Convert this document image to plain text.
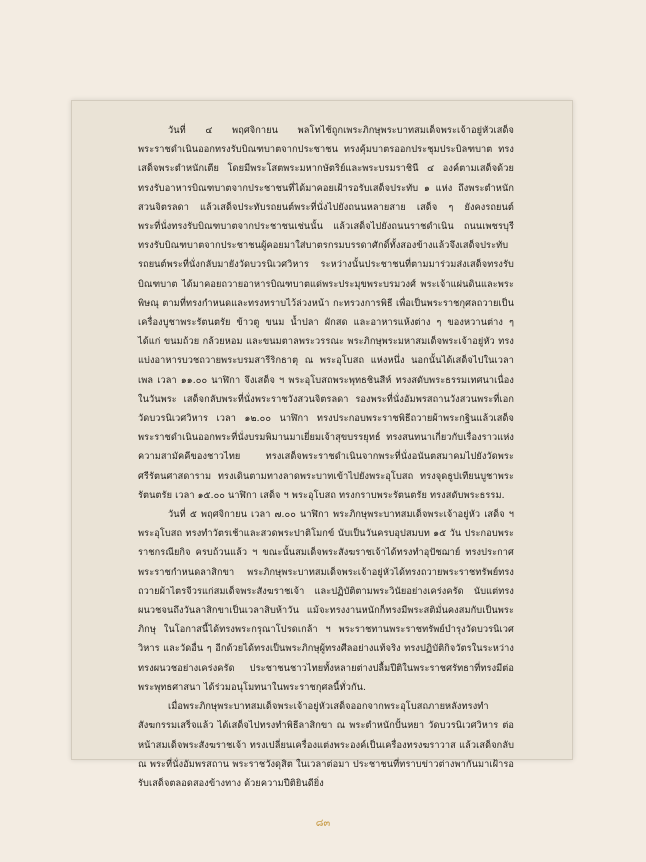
วันที่ ๔ พฤศจิกายน พลโทไช้ถูกเพระภิกษุพระบาทสมเด็จพระเจ้าอยู่หัวเสด็จพระราชดำเนินออกทรงรับบิณฑบาตจากประชาชน ทรงคุ้มบาตรออกประชุมประบิลฑบาต ทรงเสด็จพระตำหนักเตีย โดยมีพระโสตพระมหากษัตริย์และพระบรมราชินี ๔ องค์ตามเสด็จด้วย ทรงรับอาหารบิณฑบาตจากประชาชนที่ได้มาคอยเฝ้ารอรับเสด็จประทับ ๑ แห่ง ถึงพระตำหนักสวนจิตรลดา แล้วเสด็จประทับรถยนต์พระที่นั่งไปยังถนนหลายสาย เสด็จ ๆ ยังคงรถยนต์พระที่นั่งทรงรับบิณฑบาตจากประชาชนเช่นนั้น แล้วเสด็จไปยังถนนราชดำเนิน ถนนเพชรบุรี ทรงรับบิณฑบาตจากประชาชนผู้คอยมาใส่บาตรกรมบรรดาศักดิ์ทั้งสองข้างแล้วจึงเสด็จประทับรถยนต์พระที่นั่งกลับมายังวัดบวรนิเวศวิหาร ระหว่างนั้นประชาชนที่ตามมาร่วมส่งเสด็จทรงรับบิณฑบาต ได้มาคอยถวายอาหารบิณฑบาตแด่พระประมุขพระบรมวงศ์ พระเจ้าแผ่นดินและพระพิษณุ ตามที่ทรงกำหนดและทรงทราบไว้ล่วงหน้า กะทรวงการพิธี เพื่อเป็นพระราชกุศลถวายเป็นเครื่องบูชาพระรัตนตรัย ข้าวตู ขนม น้ำปลา ผักสด และอาหารแห้งต่าง ๆ ของหวานต่าง ๆ ได้แก่ ขนมถ้วย กล้วยหอม และขนมตาลพระวรรณะ พระภิกษุพระมหาสมเด็จพระเจ้าอยู่หัว ทรงแบ่งอาหารบวชถวายพระบรมสารีริกธาตุ ณ พระอุโบสถ แห่งหนึ่ง นอกนั้นได้เสด็จไปในเวลาเพล เวลา ๑๑.๐๐ นาฬิกา จึงเสด็จ ฯ พระอุโบสถพระพุทธชินสีห์ ทรงสดับพระธรรมเทศนาเนื่องในวันพระ เสด็จกลับพระที่นั่งพระราชวังสวนจิตรลดา รองพระที่นั่งอัมพรสถานวังสวนพระที่เอกวัดบวรนิเวศวิหาร เวลา ๑๒.๐๐ นาฬิกา ทรงประกอบพระราชพิธีถวายผ้าพระกฐินแล้วเสด็จพระราชดำเนินออกพระที่นั่งบรมพิมานมาเยี่ยมเจ้าสุขบรรยุทธ์ ทรงสนทนาเกี่ยวกับเรื่องราวแห่งความสามัคคีของชาวไทย ทรงเสด็จพระราชดำเนินจากพระที่นั่งอนันตสมาคมไปยังวัดพระศรีรัตนศาสดาราม ทรงเดินตามทางลาดพระบาทเข้าไปยังพระอุโบสถ ทรงจุดธูปเทียนบูชาพระรัตนตรัย เวลา ๑๕.๐๐ นาฬิกา เสด็จ ฯ พระอุโบสถ ทรงกราบพระรัตนตรัย ทรงสดับพระธรรม.

วันที่ ๕ พฤศจิกายน เวลา ๗.๐๐ นาฬิกา พระภิกษุพระบาทสมเด็จพระเจ้าอยู่หัว เสด็จ ฯ พระอุโบสถ ทรงทำวัตรเช้าและสวดพระปาติโมกข์ นับเป็นวันครบอุปสมบท ๑๕ วัน ประกอบพระราชกรณียกิจ ครบถ้วนแล้ว ฯ ขณะนั้นสมเด็จพระสังฆราชเจ้าได้ทรงทำอุปัชฌาย์ ทรงประกาศพระราชกำหนดลาสิกขา พระภิกษุพระบาทสมเด็จพระเจ้าอยู่หัวได้ทรงถวายพระราชทรัพย์ทรงถวายผ้าไตรจีวรแก่สมเด็จพระสังฆราชเจ้า และปฏิบัติตามพระวินัยอย่างเคร่งครัด นับแต่ทรงผนวชจนถึงวันลาสิกขาเป็นเวลาสิบห้าวัน แม้จะทรงงานหนักก็ทรงมีพระสติมั่นคงสมกับเป็นพระภิกษุ ในโอกาสนี้ได้ทรงพระกรุณาโปรดเกล้า ฯ พระราชทานพระราชทรัพย์บำรุงวัดบวรนิเวศวิหาร และวัดอื่น ๆ อีกด้วยได้ทรงเป็นพระภิกษุผู้ทรงศีลอย่างแท้จริง ทรงปฏิบัติกิจวัตรในระหว่างทรงผนวชอย่างเคร่งครัด ประชาชนชาวไทยทั้งหลายต่างปลื้มปีติในพระราชศรัทธาที่ทรงมีต่อพระพุทธศาสนา ได้ร่วมอนุโมทนาในพระราชกุศลนี้ทั่วกัน.

เมื่อพระภิกษุพระบาทสมเด็จพระเจ้าอยู่หัวเสด็จออกจากพระอุโบสถภายหลังทรงทำสังฆกรรมเสร็จแล้ว ได้เสด็จไปทรงทำพิธีลาสิกขา ณ พระตำหนักปั้นหยา วัดบวรนิเวศวิหาร ต่อหน้าสมเด็จพระสังฆราชเจ้า ทรงเปลี่ยนเครื่องแต่งพระองค์เป็นเครื่องทรงฆราวาส แล้วเสด็จกลับ ณ พระที่นั่งอัมพรสถาน พระราชวังดุสิต ในเวลาต่อมา ประชาชนที่ทราบข่าวต่างพากันมาเฝ้ารอรับเสด็จตลอดสองข้างทาง ด้วยความปีติยินดียิ่ง

๘๓
